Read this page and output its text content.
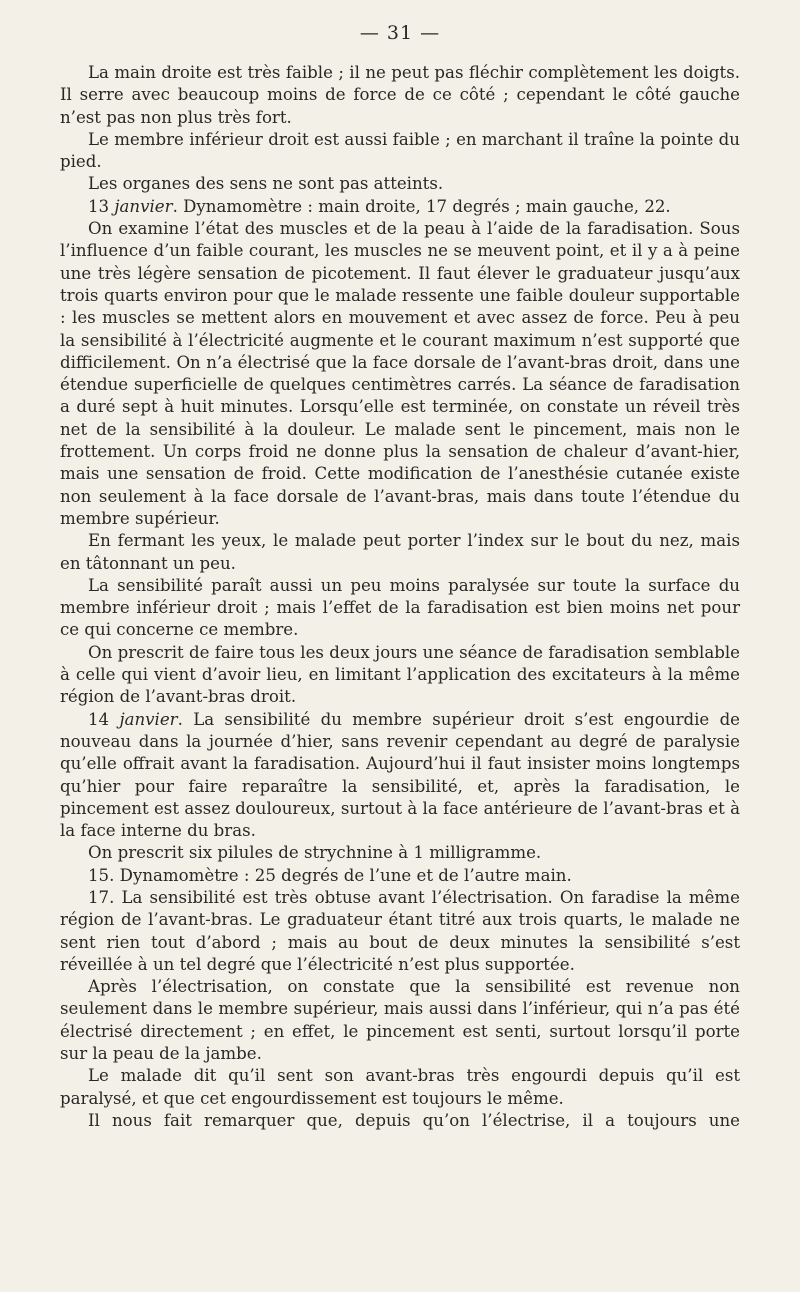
— 31 —

La main droite est très faible ; il ne peut pas fléchir complètement les doigts. Il serre avec beaucoup moins de force de ce côté ; cependant le côté gauche n’est pas non plus très fort.

Le membre inférieur droit est aussi faible ; en marchant il traîne la pointe du pied.

Les organes des sens ne sont pas atteints.

13 janvier. Dynamomètre : main droite, 17 degrés ; main gauche, 22.

On examine l’état des muscles et de la peau à l’aide de la faradisation. Sous l’influence d’un faible courant, les muscles ne se meuvent point, et il y a à peine une très légère sensation de picotement. Il faut élever le graduateur jusqu’aux trois quarts environ pour que le malade ressente une faible douleur supportable : les muscles se mettent alors en mouvement et avec assez de force. Peu à peu la sensibilité à l’électricité augmente et le courant maximum n’est supporté que difficilement. On n’a électrisé que la face dorsale de l’avant-bras droit, dans une étendue superficielle de quelques centimètres carrés. La séance de faradisation a duré sept à huit minutes. Lorsqu’elle est terminée, on constate un réveil très net de la sensibilité à la douleur. Le malade sent le pincement, mais non le frottement. Un corps froid ne donne plus la sensation de chaleur d’avant-hier, mais une sensation de froid. Cette modification de l’anesthésie cutanée existe non seulement à la face dorsale de l’avant-bras, mais dans toute l’étendue du membre supérieur.

En fermant les yeux, le malade peut porter l’index sur le bout du nez, mais en tâtonnant un peu.

La sensibilité paraît aussi un peu moins paralysée sur toute la surface du membre inférieur droit ; mais l’effet de la faradisation est bien moins net pour ce qui concerne ce membre.

On prescrit de faire tous les deux jours une séance de faradisation semblable à celle qui vient d’avoir lieu, en limitant l’application des excitateurs à la même région de l’avant-bras droit.

14 janvier. La sensibilité du membre supérieur droit s’est engourdie de nouveau dans la journée d’hier, sans revenir cependant au degré de paralysie qu’elle offrait avant la faradisation. Aujourd’hui il faut insister moins longtemps qu’hier pour faire reparaître la sensibilité, et, après la faradisation, le pincement est assez douloureux, surtout à la face antérieure de l’avant-bras et à la face interne du bras.

On prescrit six pilules de strychnine à 1 milligramme.

15. Dynamomètre : 25 degrés de l’une et de l’autre main.

17. La sensibilité est très obtuse avant l’électrisation. On faradise la même région de l’avant-bras. Le graduateur étant titré aux trois quarts, le malade ne sent rien tout d’abord ; mais au bout de deux minutes la sensibilité s’est réveillée à un tel degré que l’électricité n’est plus supportée.

Après l’électrisation, on constate que la sensibilité est revenue non seulement dans le membre supérieur, mais aussi dans l’inférieur, qui n’a pas été électrisé directement ; en effet, le pincement est senti, surtout lorsqu’il porte sur la peau de la jambe.

Le malade dit qu’il sent son avant-bras très engourdi depuis qu’il est paralysé, et que cet engourdissement est toujours le même.

Il nous fait remarquer que, depuis qu’on l’électrise, il a toujours une
